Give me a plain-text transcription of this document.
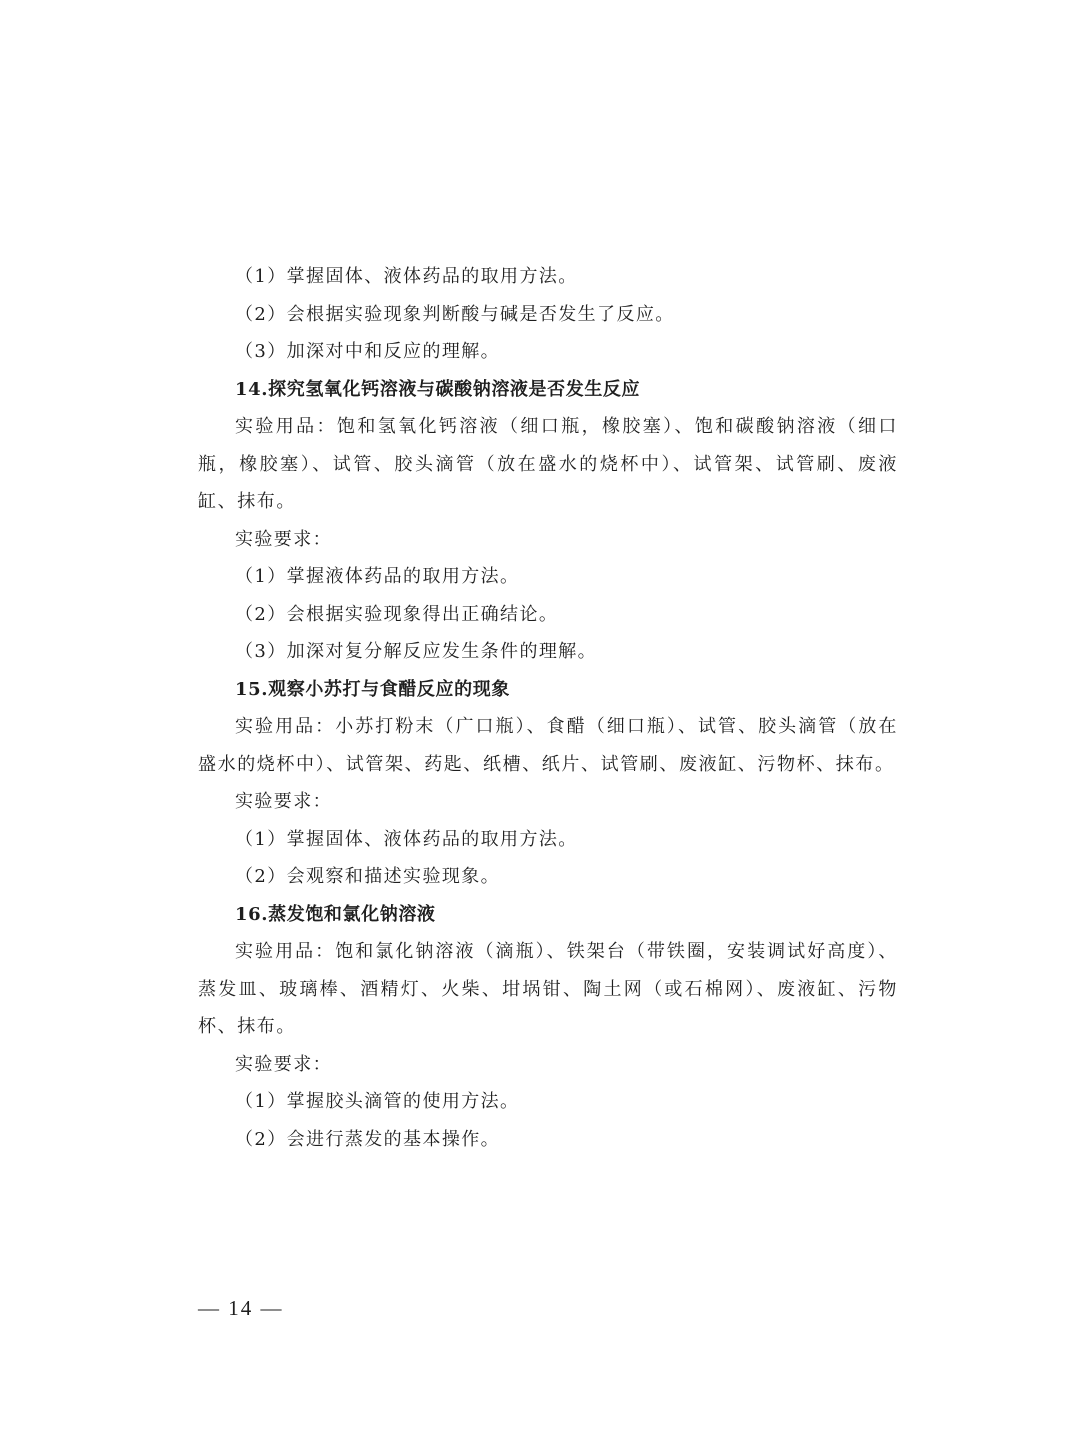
（1）掌握固体、液体药品的取用方法。
（2）会根据实验现象判断酸与碱是否发生了反应。
（3）加深对中和反应的理解。
14.探究氢氧化钙溶液与碳酸钠溶液是否发生反应
实验用品：饱和氢氧化钙溶液（细口瓶，橡胶塞）、饱和碳酸钠溶液（细口瓶，橡胶塞）、试管、胶头滴管（放在盛水的烧杯中）、试管架、试管刷、废液缸、抹布。
实验要求：
（1）掌握液体药品的取用方法。
（2）会根据实验现象得出正确结论。
（3）加深对复分解反应发生条件的理解。
15.观察小苏打与食醋反应的现象
实验用品：小苏打粉末（广口瓶）、食醋（细口瓶）、试管、胶头滴管（放在盛水的烧杯中）、试管架、药匙、纸槽、纸片、试管刷、废液缸、污物杯、抹布。
实验要求：
（1）掌握固体、液体药品的取用方法。
（2）会观察和描述实验现象。
16.蒸发饱和氯化钠溶液
实验用品：饱和氯化钠溶液（滴瓶）、铁架台（带铁圈，安装调试好高度）、蒸发皿、玻璃棒、酒精灯、火柴、坩埚钳、陶土网（或石棉网）、废液缸、污物杯、抹布。
实验要求：
（1）掌握胶头滴管的使用方法。
（2）会进行蒸发的基本操作。
— 14 —
